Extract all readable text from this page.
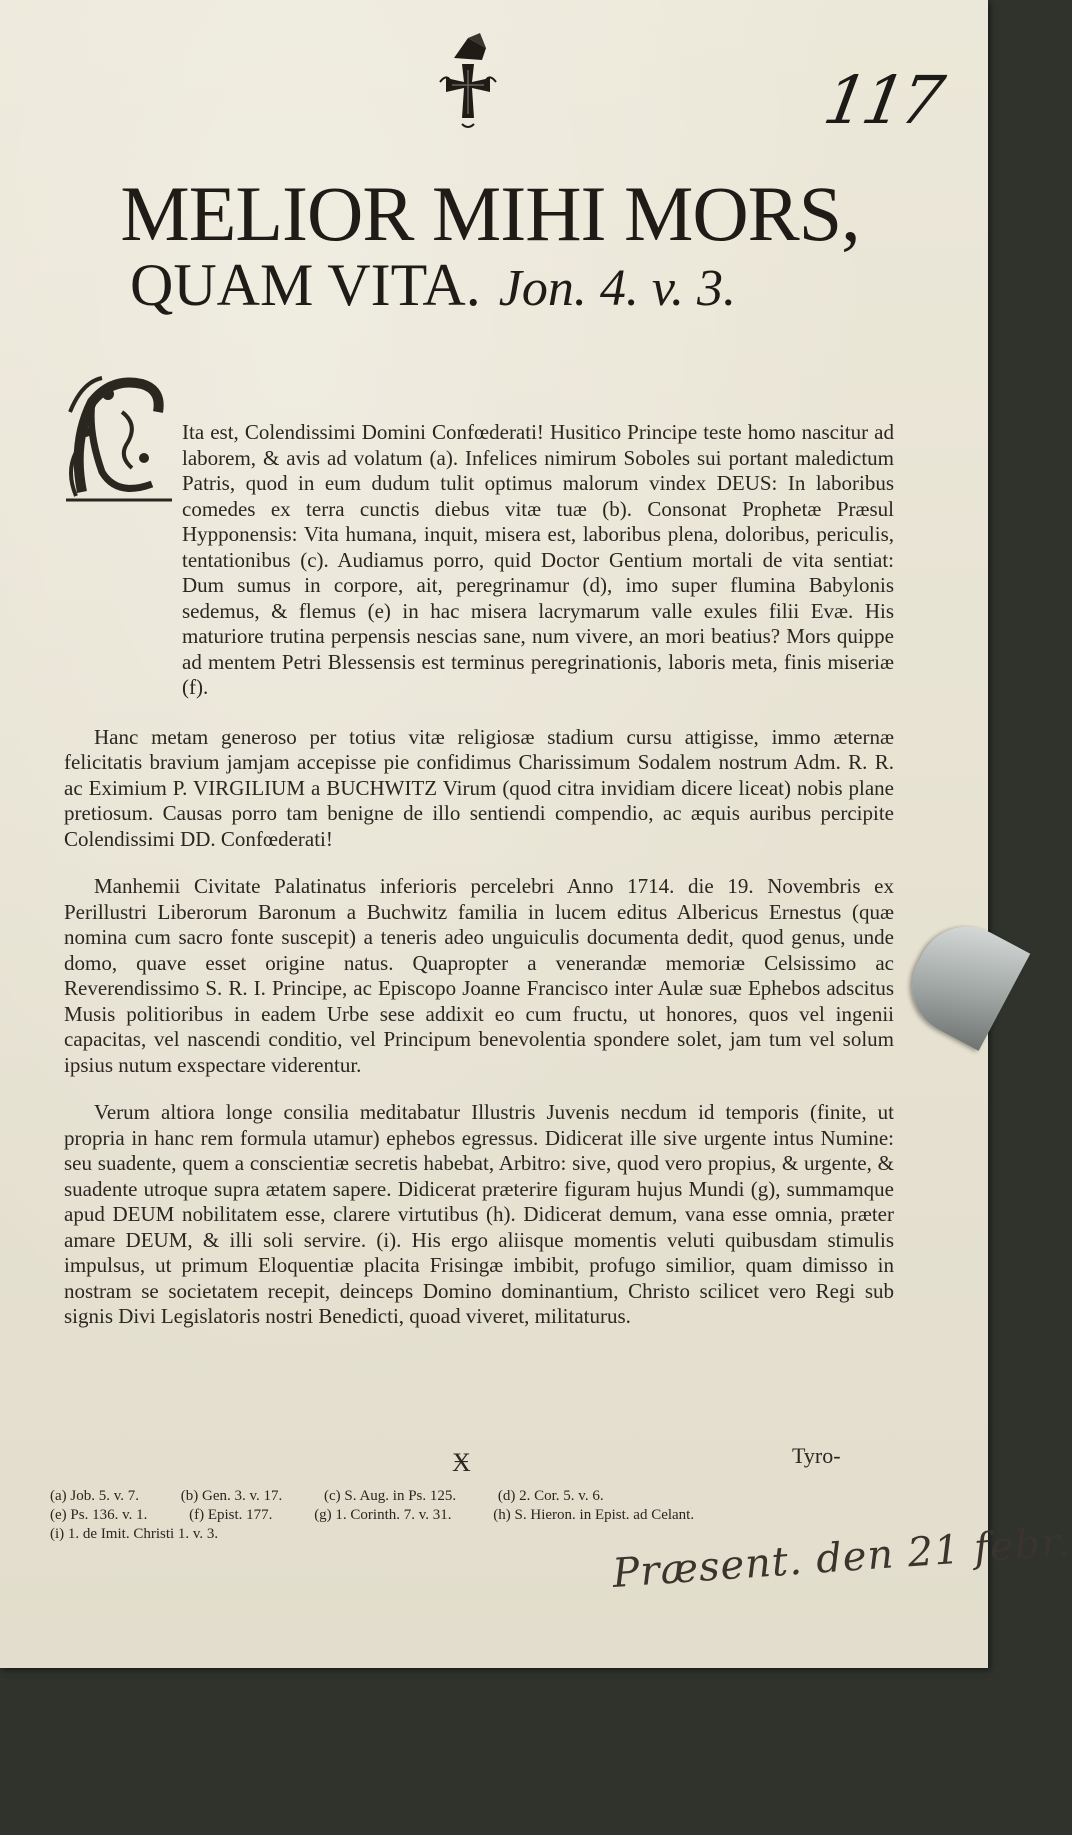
117
MELIOR MIHI MORS,
QUAM VITA. Jon. 4. v. 3.

Ita est, Colendissimi Domini Confœderati! Husitico Principe teste homo nascitur ad laborem, & avis ad volatum (a). Infelices nimirum Soboles sui portant maledictum Patris, quod in eum dudum tulit optimus malorum vindex DEUS: In laboribus comedes ex terra cunctis diebus vitæ tuæ (b). Consonat Prophetæ Præsul Hypponensis: Vita humana, inquit, misera est, laboribus plena, doloribus, periculis, tentationibus (c). Audiamus porro, quid Doctor Gentium mortali de vita sentiat: Dum sumus in corpore, ait, peregrinamur (d), imo super flumina Babylonis sedemus, & flemus (e) in hac misera lacrymarum valle exules filii Evæ. His maturiore trutina perpensis nescias sane, num vivere, an mori beatius? Mors quippe ad mentem Petri Blessensis est terminus peregrinationis, laboris meta, finis miseriæ (f).

Hanc metam generoso per totius vitæ religiosæ stadium cursu attigisse, immo æternæ felicitatis bravium jamjam accepisse pie confidimus Charissimum Sodalem nostrum Adm. R. R. ac Eximium P. VIRGILIUM a BUCHWITZ Virum (quod citra invidiam dicere liceat) nobis plane pretiosum. Causas porro tam benigne de illo sentiendi compendio, ac æquis auribus percipite Colendissimi DD. Confœderati!

Manhemii Civitate Palatinatus inferioris percelebri Anno 1714. die 19. Novembris ex Perillustri Liberorum Baronum a Buchwitz familia in lucem editus Albericus Ernestus (quæ nomina cum sacro fonte suscepit) a teneris adeo unguiculis documenta dedit, quod genus, unde domo, quave esset origine natus. Quapropter a venerandæ memoriæ Celsissimo ac Reverendissimo S. R. I. Principe, ac Episcopo Joanne Francisco inter Aulæ suæ Ephebos adscitus Musis politioribus in eadem Urbe sese addixit eo cum fructu, ut honores, quos vel ingenii capacitas, vel nascendi conditio, vel Principum benevolentia spondere solet, jam tum vel solum ipsius nutum exspectare viderentur.

Verum altiora longe consilia meditabatur Illustris Juvenis necdum id temporis (finite, ut propria in hanc rem formula utamur) ephebos egressus. Didicerat ille sive urgente intus Numine: seu suadente, quem a conscientiæ secretis habebat, Arbitro: sive, quod vero propius, & urgente, & suadente utroque supra ætatem sapere. Didicerat præterire figuram hujus Mundi (g), summamque apud DEUM nobilitatem esse, clarere virtutibus (h). Didicerat demum, vana esse omnia, præter amare DEUM, & illi soli servire. (i). His ergo aliisque momentis veluti quibusdam stimulis impulsus, ut primum Eloquentiæ placita Frisingæ imbibit, profugo similior, quam dimisso in nostram se societatem recepit, deinceps Domino dominantium, Christo scilicet vero Regi sub signis Divi Legislatoris nostri Benedicti, quoad viveret, militaturus.

Ӿ	Tyro-
(a) Job. 5. v. 7.	(b) Gen. 3. v. 17.	(c) S. Aug. in Ps. 125.	(d) 2. Cor. 5. v. 6.
(e) Ps. 136. v. 1.	(f) Epist. 177.	(g) 1. Corinth. 7. v. 31.	(h) S. Hieron. in Epist. ad Celant.
(i) 1. de Imit. Christi 1. v. 3.	Præsent. den 21 febr.
